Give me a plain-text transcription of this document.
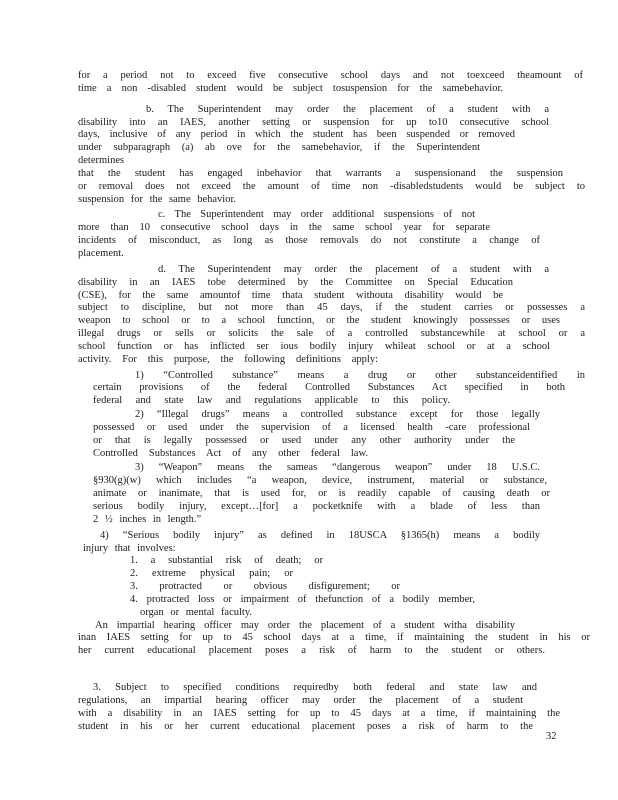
for a period not to exceed five consecutive school days and not toexceed theamount of
time a non -disabled student would be subject tosuspension for the samebehavior.
b. The Superintendent may order the placement of a student with a
disability into an IAES, another setting or suspension for up to10 consecutive school
days, inclusive of any period in which the student has been suspended or removed
under subparagraph (a) ab ove for the samebehavior, if the Superintendent
determines
that the student has engaged inbehavior that warrants a suspensionand the suspension
or removal does not exceed the amount of time non -disabledstudents would be subject to
suspension for the same behavior.
c. The Superintendent may order additional suspensions of not
more than 10 consecutive school days in the same school year for separate
incidents of misconduct, as long as those removals do not constitute a change of
placement.
d. The Superintendent may order the placement of a student with a
disability in an IAES tobe determined by the Committee on Special Education
(CSE), for the same amountof time thata student withouta disability would be
subject to discipline, but not more than 45 days, if the student carries or possesses a
weapon to school or to a school function, or the student knowingly possesses or uses
illegal drugs or sells or solicits the sale of a controlled substancewhile at school or a
school function or has inflicted ser ious bodily injury whileat school or at a school
activity. For this purpose, the following definitions apply:
1) “Controlled substance” means a drug or other substanceidentified in
certain provisions of the federal Controlled Substances Act specified in both
federal and state law and regulations applicable to this policy.
2) “Illegal drugs” means a controlled substance except for those legally
possessed or used under the supervision of a licensed health -care professional
or that is legally possessed or used under any other authority under the
Controlled Substances Act of any other federal law.
3) “Weapon” means the sameas “dangerous weapon” under 18 U.S.C.
§930(g)(w) which includes “a weapon, device, instrument, material or substance,
animate or inanimate, that is used for, or is readily capable of causing death or
serious bodily injury, except…[for] a pocketknife with a blade of less than
2 ½ inches in length.”
4) “Serious bodily injury” as defined in 18USCA §1365(h) means a bodily
injury that involves:
1. a substantial risk of death; or
2. extreme physical pain; or
3. protracted or obvious disfigurement; or
4. protracted loss or impairment of thefunction of a bodily member,
organ or mental faculty.
An impartial hearing officer may order the placement of a student witha disability
inan IAES setting for up to 45 school days at a time, if maintaining the student in his or
her current educational placement poses a risk of harm to the student or others.
3. Subject to specified conditions requiredby both federal and state law and
regulations, an impartial hearing officer may order the placement of a student
with a disability in an IAES setting for up to 45 days at a time, if maintaining the
student in his or her current educational placement poses a risk of harm to the
32
